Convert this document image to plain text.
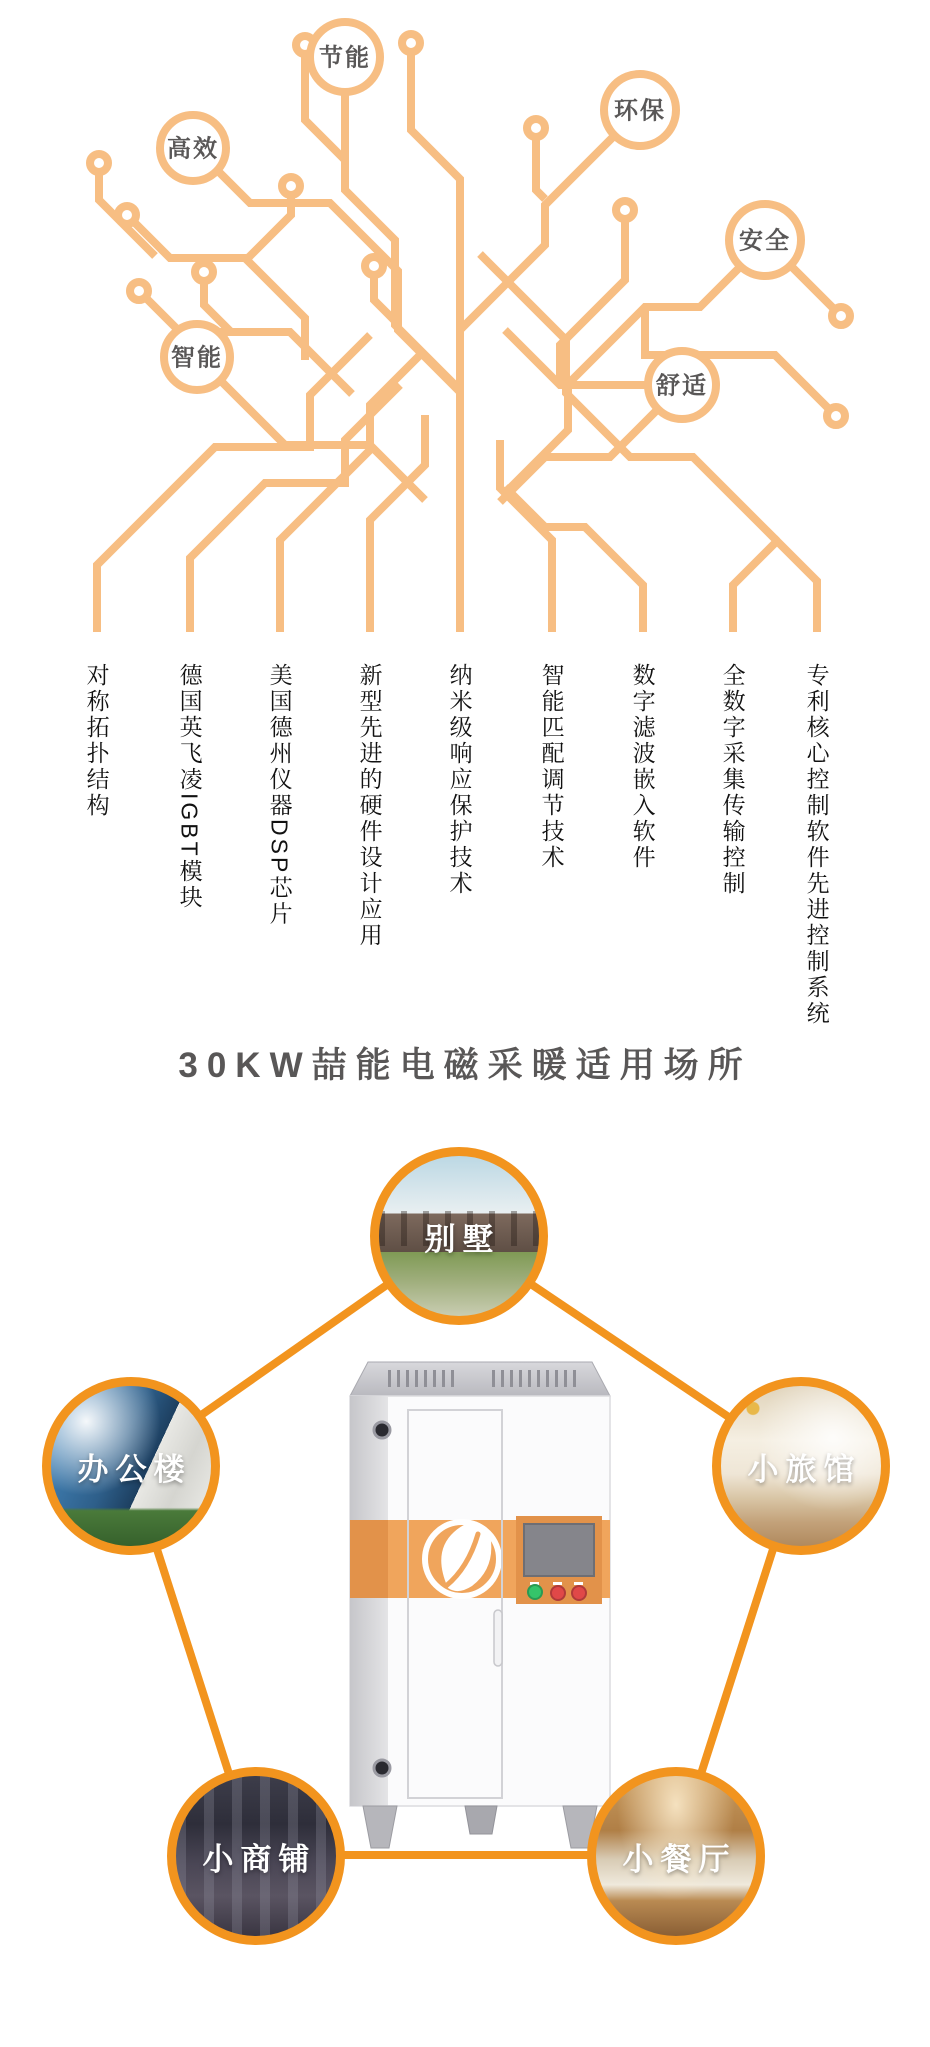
节能
高效
环保
安全
智能
舒适
对称拓扑结构	德国英飞凌IGBT模块	美国德州仪器DSP芯片	新型先进的硬件设计应用	纳米级响应保护技术	智能匹配调节技术	数字滤波嵌入软件	全数字采集传输控制	专利核心控制软件先进控制系统
30KW喆能电磁采暖适用场所
别墅
办公楼	小旅馆
小商铺	小餐厅
